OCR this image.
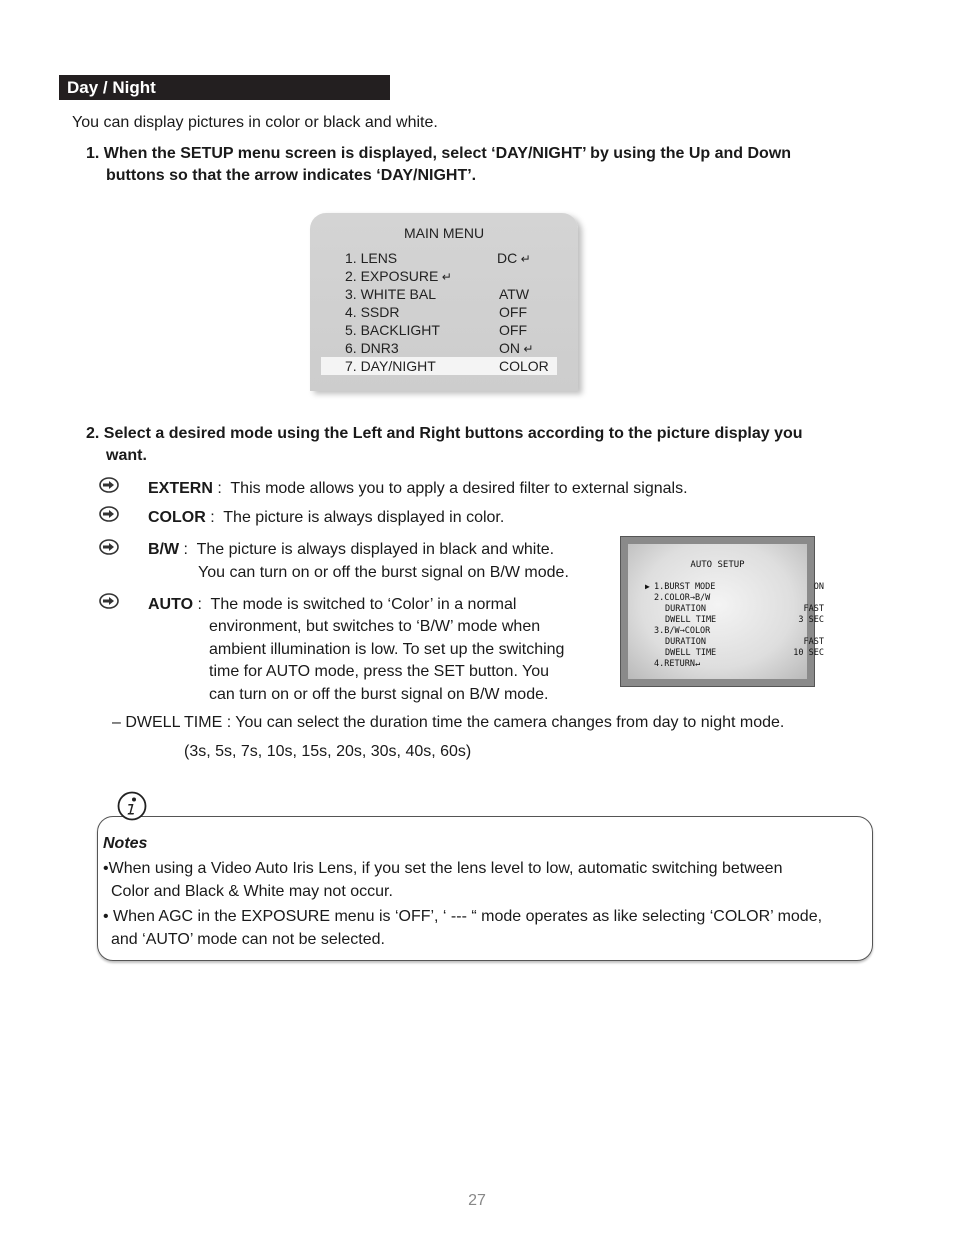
Day / Night
You can display pictures in color or black and white.
1. When the SETUP menu screen is displayed, select ‘DAY/NIGHT’ by using the Up and Down
buttons so that the arrow indicates ‘DAY/NIGHT’.
MAIN MENU
1. LENS	DC ↵
2. EXPOSURE ↵
3. WHITE BAL	ATW
4. SSDR	OFF
5. BACKLIGHT	OFF
6. DNR3	ON ↵
7. DAY/NIGHT	COLOR
2. Select a desired mode using the Left and Right buttons according to the picture display you
want.
EXTERN : This mode allows you to apply a desired filter to external signals.
COLOR : The picture is always displayed in color.
B/W : The picture is always displayed in black and white.
You can turn on or off the burst signal on B/W mode.
AUTO : The mode is switched to ‘Color’ in a normal
environment, but switches to ‘B/W’ mode when
ambient illumination is low. To set up the switching
time for AUTO mode, press the SET button. You
can turn on or off the burst signal on B/W mode.
AUTO SETUP
▶ 1.BURST MODE	ON
2.COLOR→B/W
DURATION	FAST
DWELL TIME	3 SEC
3.B/W→COLOR
DURATION	FAST
DWELL TIME	10 SEC
4.RETURN↵
– DWELL TIME : You can select the duration time the camera changes from day to night mode.
(3s, 5s, 7s, 10s, 15s, 20s, 30s, 40s, 60s)
Notes
•When using a Video Auto Iris Lens, if you set the lens level to low, automatic switching between
Color and Black & White may not occur.
• When AGC in the EXPOSURE menu is ‘OFF’, ‘ --- “ mode operates as like selecting ‘COLOR’ mode,
and ‘AUTO’ mode can not be selected.
27
